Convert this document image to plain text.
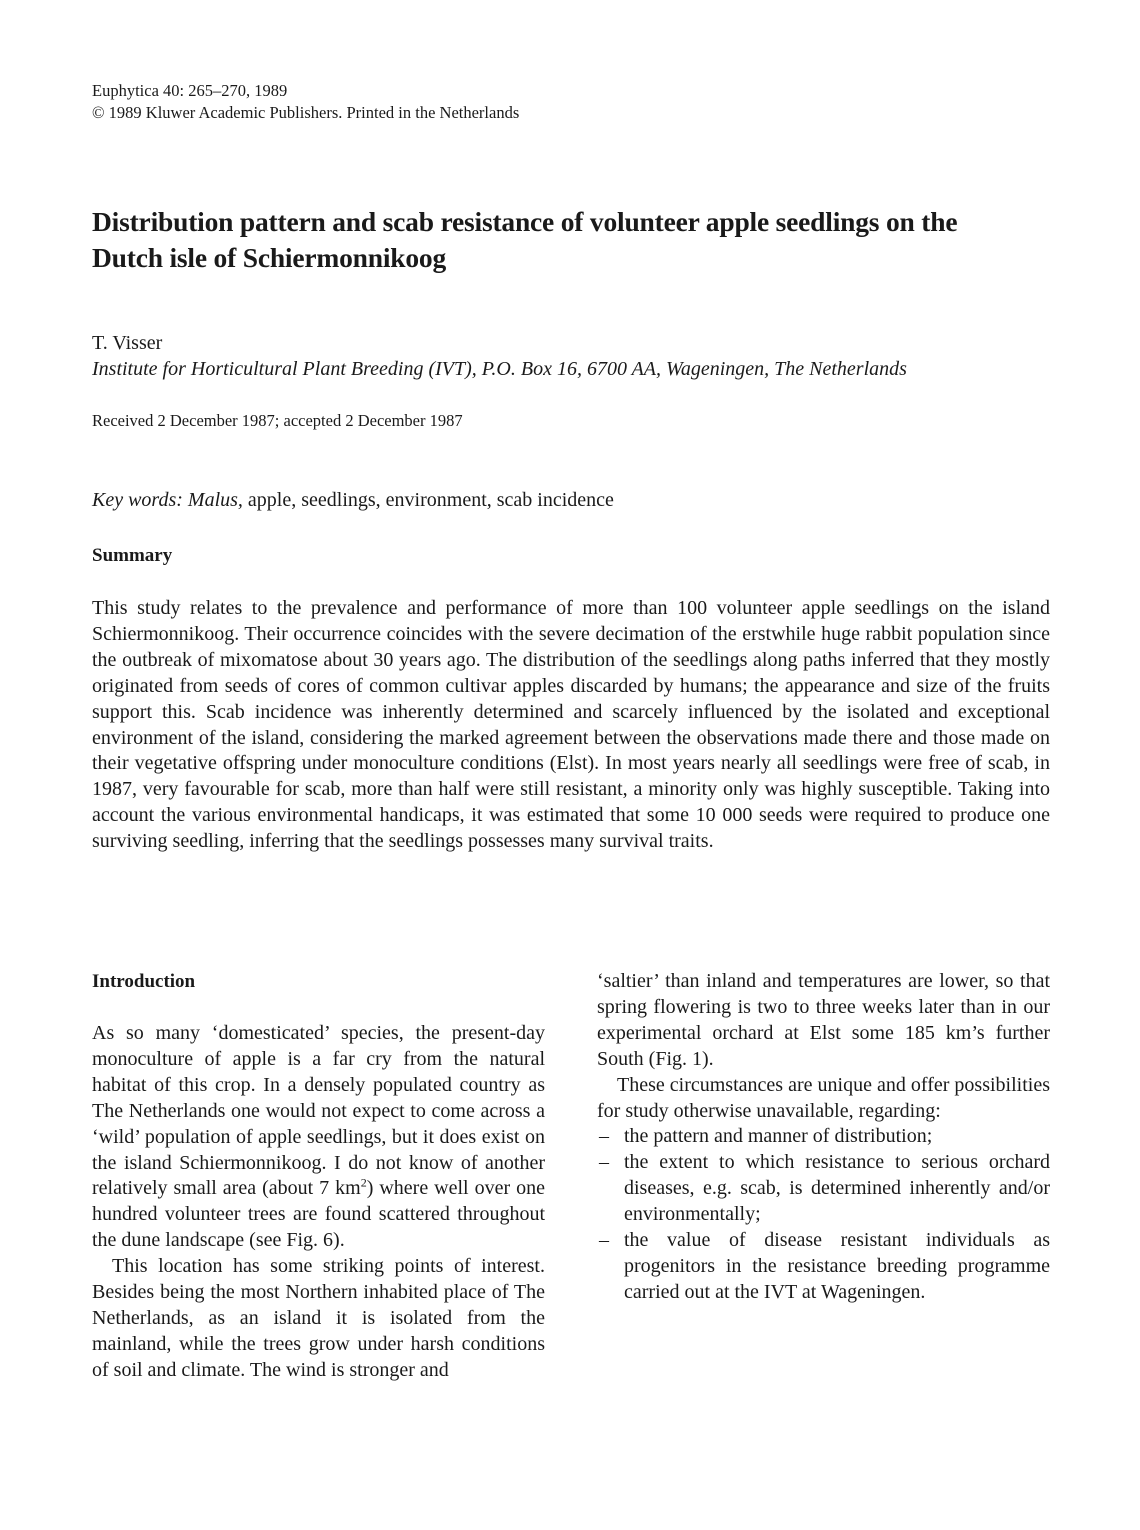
Euphytica 40: 265–270, 1989
© 1989 Kluwer Academic Publishers. Printed in the Netherlands
Distribution pattern and scab resistance of volunteer apple seedlings on the
Dutch isle of Schiermonnikoog
T. Visser
Institute for Horticultural Plant Breeding (IVT), P.O. Box 16, 6700 AA, Wageningen, The Netherlands
Received 2 December 1987; accepted 2 December 1987
Key words: Malus, apple, seedlings, environment, scab incidence
Summary
This study relates to the prevalence and performance of more than 100 volunteer apple seedlings on the island Schiermonnikoog. Their occurrence coincides with the severe decimation of the erstwhile huge rabbit population since the outbreak of mixomatose about 30 years ago. The distribution of the seedlings along paths inferred that they mostly originated from seeds of cores of common cultivar apples discarded by humans; the appearance and size of the fruits support this. Scab incidence was inherently determined and scarcely influenced by the isolated and exceptional environment of the island, considering the marked agreement between the observations made there and those made on their vegetative offspring under monoculture conditions (Elst). In most years nearly all seedlings were free of scab, in 1987, very favourable for scab, more than half were still resistant, a minority only was highly susceptible. Taking into account the various environmental handicaps, it was estimated that some 10 000 seeds were required to produce one surviving seedling, inferring that the seedlings possesses many survival traits.
Introduction

As so many ‘domesticated’ species, the present-day monoculture of apple is a far cry from the natural habitat of this crop. In a densely populated country as The Netherlands one would not expect to come across a ‘wild’ population of apple seedlings, but it does exist on the island Schiermonnikoog. I do not know of another relatively small area (about 7 $km^2$) where well over one hundred volunteer trees are found scattered throughout the dune landscape (see Fig. 6).

This location has some striking points of interest. Besides being the most Northern inhabited place of The Netherlands, as an island it is isolated from the mainland, while the trees grow under harsh conditions of soil and climate. The wind is stronger and

‘saltier’ than inland and temperatures are lower, so that spring flowering is two to three weeks later than in our experimental orchard at Elst some 185 km’s further South (Fig. 1).

These circumstances are unique and offer possibilities for study otherwise unavailable, regarding:

– the pattern and manner of distribution;
– the extent to which resistance to serious orchard diseases, e.g. scab, is determined inherently and/or environmentally;
– the value of disease resistant individuals as progenitors in the resistance breeding programme carried out at the IVT at Wageningen.
